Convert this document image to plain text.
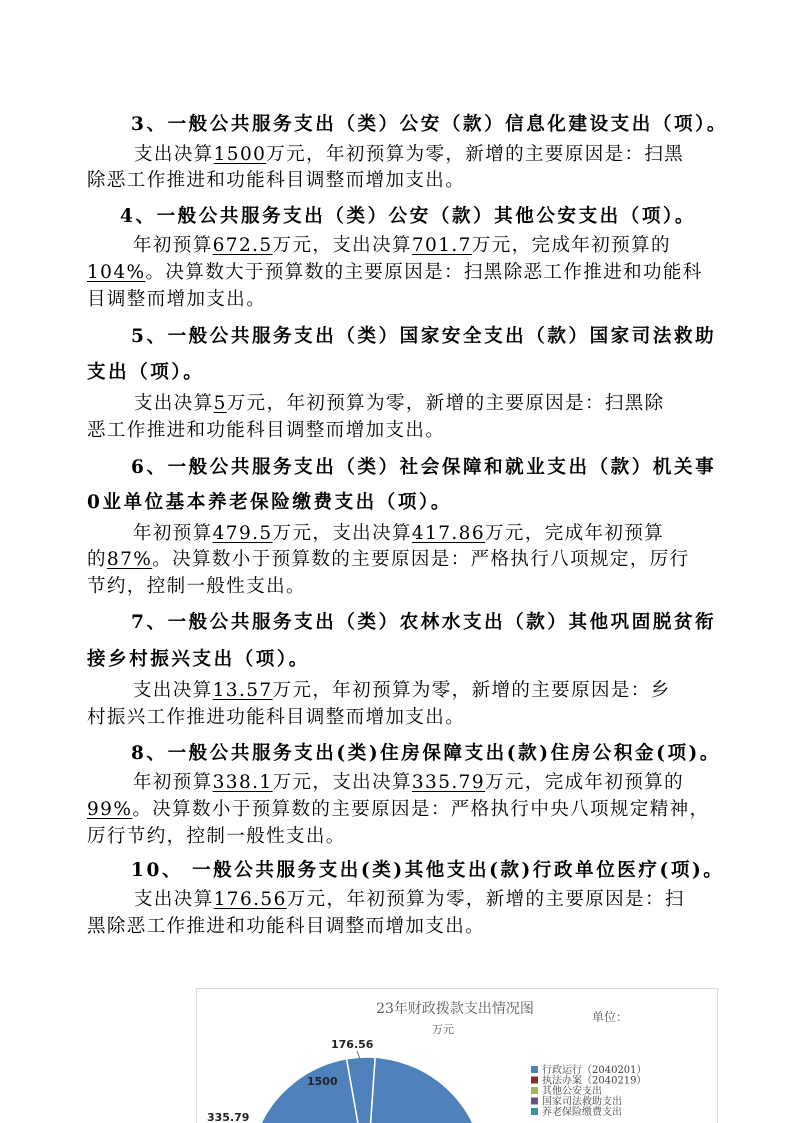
3、一般公共服务支出（类）公安（款）信息化建设支出（项）。
支出决算1500万元，年初预算为零，新增的主要原因是：扫黑
除恶工作推进和功能科目调整而增加支出。
4、一般公共服务支出（类）公安（款）其他公安支出（项）。
年初预算672.5万元，支出决算701.7万元，完成年初预算的
104%。决算数大于预算数的主要原因是：扫黑除恶工作推进和功能科
目调整而增加支出。
5、一般公共服务支出（类）国家安全支出（款）国家司法救助
支出（项）。
支出决算5万元，年初预算为零，新增的主要原因是：扫黑除
恶工作推进和功能科目调整而增加支出。
6、一般公共服务支出（类）社会保障和就业支出（款）机关事
0业单位基本养老保险缴费支出（项）。
年初预算479.5万元，支出决算417.86万元，完成年初预算
的87%。决算数小于预算数的主要原因是：严格执行八项规定，厉行
节约，控制一般性支出。
7、一般公共服务支出（类）农林水支出（款）其他巩固脱贫衔
接乡村振兴支出（项）。
支出决算13.57万元，年初预算为零，新增的主要原因是：乡
村振兴工作推进功能科目调整而增加支出。
8、一般公共服务支出(类)住房保障支出(款)住房公积金(项)。
年初预算338.1万元，支出决算335.79万元，完成年初预算的
99%。决算数小于预算数的主要原因是：严格执行中央八项规定精神，
厉行节约，控制一般性支出。
10、 一般公共服务支出(类)其他支出(款)行政单位医疗(项)。
支出决算176.56万元，年初预算为零，新增的主要原因是：扫
黑除恶工作推进和功能科目调整而增加支出。
23年财政拨款支出情况图	单位：
万元
176.56
1500
335.79
行政运行（2040201）
执法办案（2040219）
其他公安支出
国家司法救助支出
养老保险缴费支出
